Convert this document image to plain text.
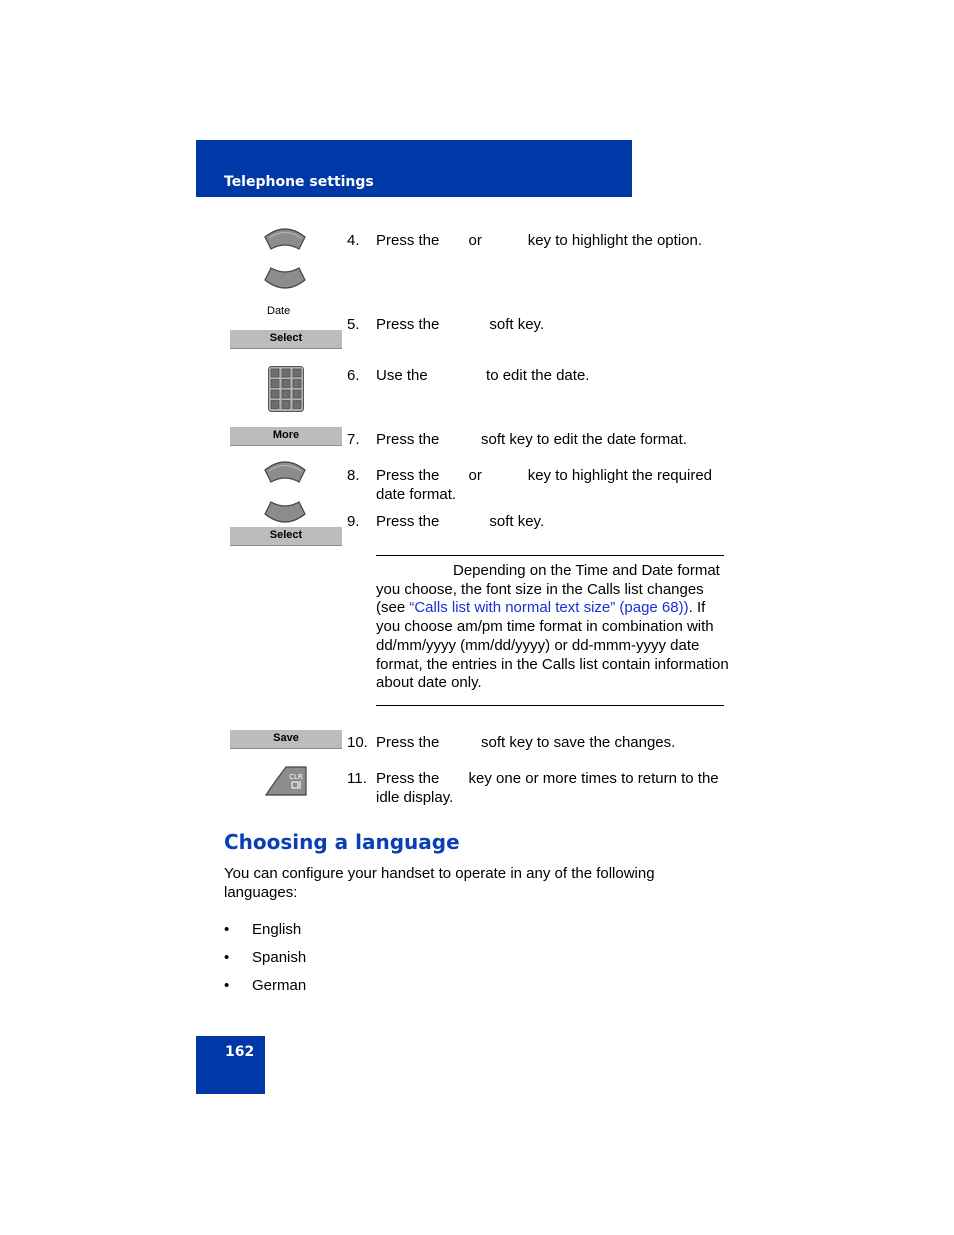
Telephone settings
Date
Select
More
Select
Save
CLR
4. Press the       or           key to highlight the option.
5. Press the            soft key.
6. Use the              to edit the date.
7. Press the          soft key to edit the date format.
8. Press the       or           key to highlight the required date format.
9. Press the            soft key.
Depending on the Time and Date format you choose, the font size in the Calls list changes (see “Calls list with normal text size” (page 68)). If you choose am/pm time format in combination with dd/mm/yyyy (mm/dd/yyyy) or dd-mmm-yyyy date format, the entries in the Calls list contain information about date only.
10. Press the          soft key to save the changes.
11. Press the       key one or more times to return to the idle display.
Choosing a language
You can configure your handset to operate in any of the following languages:
• English
• Spanish
• German
162
